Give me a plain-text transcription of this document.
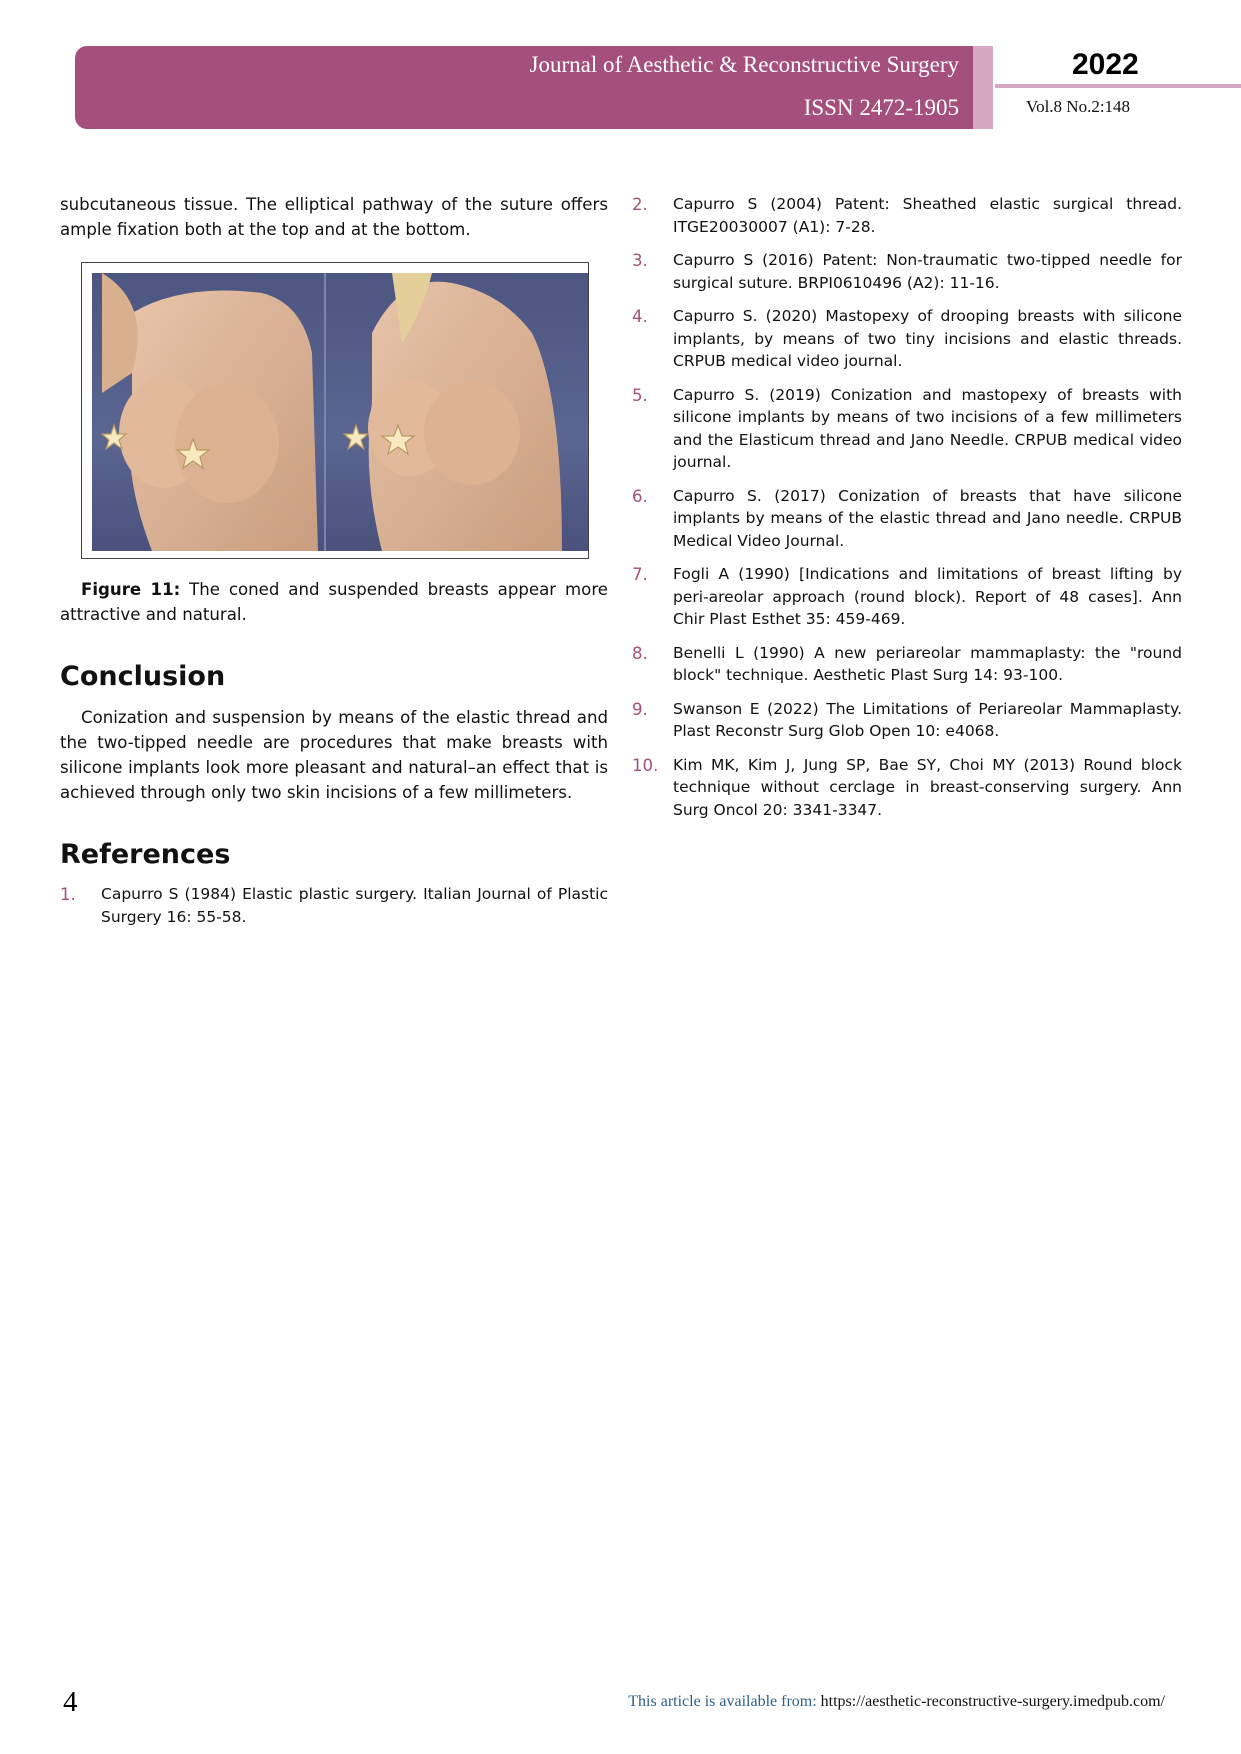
Journal of Aesthetic & Reconstructive Surgery
ISSN 2472-1905
2022
Vol.8 No.2:148

subcutaneous tissue. The elliptical pathway of the suture offers ample fixation both at the top and at the bottom.

Figure 11: The coned and suspended breasts appear more attractive and natural.

Conclusion

Conization and suspension by means of the elastic thread and the two-tipped needle are procedures that make breasts with silicone implants look more pleasant and natural–an effect that is achieved through only two skin incisions of a few millimeters.

References
1. Capurro S (1984) Elastic plastic surgery. Italian Journal of Plastic Surgery 16: 55-58.
2. Capurro S (2004) Patent: Sheathed elastic surgical thread. ITGE20030007 (A1): 7-28.
3. Capurro S (2016) Patent: Non-traumatic two-tipped needle for surgical suture. BRPI0610496 (A2): 11-16.
4. Capurro S. (2020) Mastopexy of drooping breasts with silicone implants, by means of two tiny incisions and elastic threads. CRPUB medical video journal.
5. Capurro S. (2019) Conization and mastopexy of breasts with silicone implants by means of two incisions of a few millimeters and the Elasticum thread and Jano Needle. CRPUB medical video journal.
6. Capurro S. (2017) Conization of breasts that have silicone implants by means of the elastic thread and Jano needle. CRPUB Medical Video Journal.
7. Fogli A (1990) [Indications and limitations of breast lifting by peri-areolar approach (round block). Report of 48 cases]. Ann Chir Plast Esthet 35: 459-469.
8. Benelli L (1990) A new periareolar mammaplasty: the "round block" technique. Aesthetic Plast Surg 14: 93-100.
9. Swanson E (2022) The Limitations of Periareolar Mammaplasty. Plast Reconstr Surg Glob Open 10: e4068.
10. Kim MK, Kim J, Jung SP, Bae SY, Choi MY (2013) Round block technique without cerclage in breast-conserving surgery. Ann Surg Oncol 20: 3341-3347.
4	This article is available from: https://aesthetic-reconstructive-surgery.imedpub.com/
